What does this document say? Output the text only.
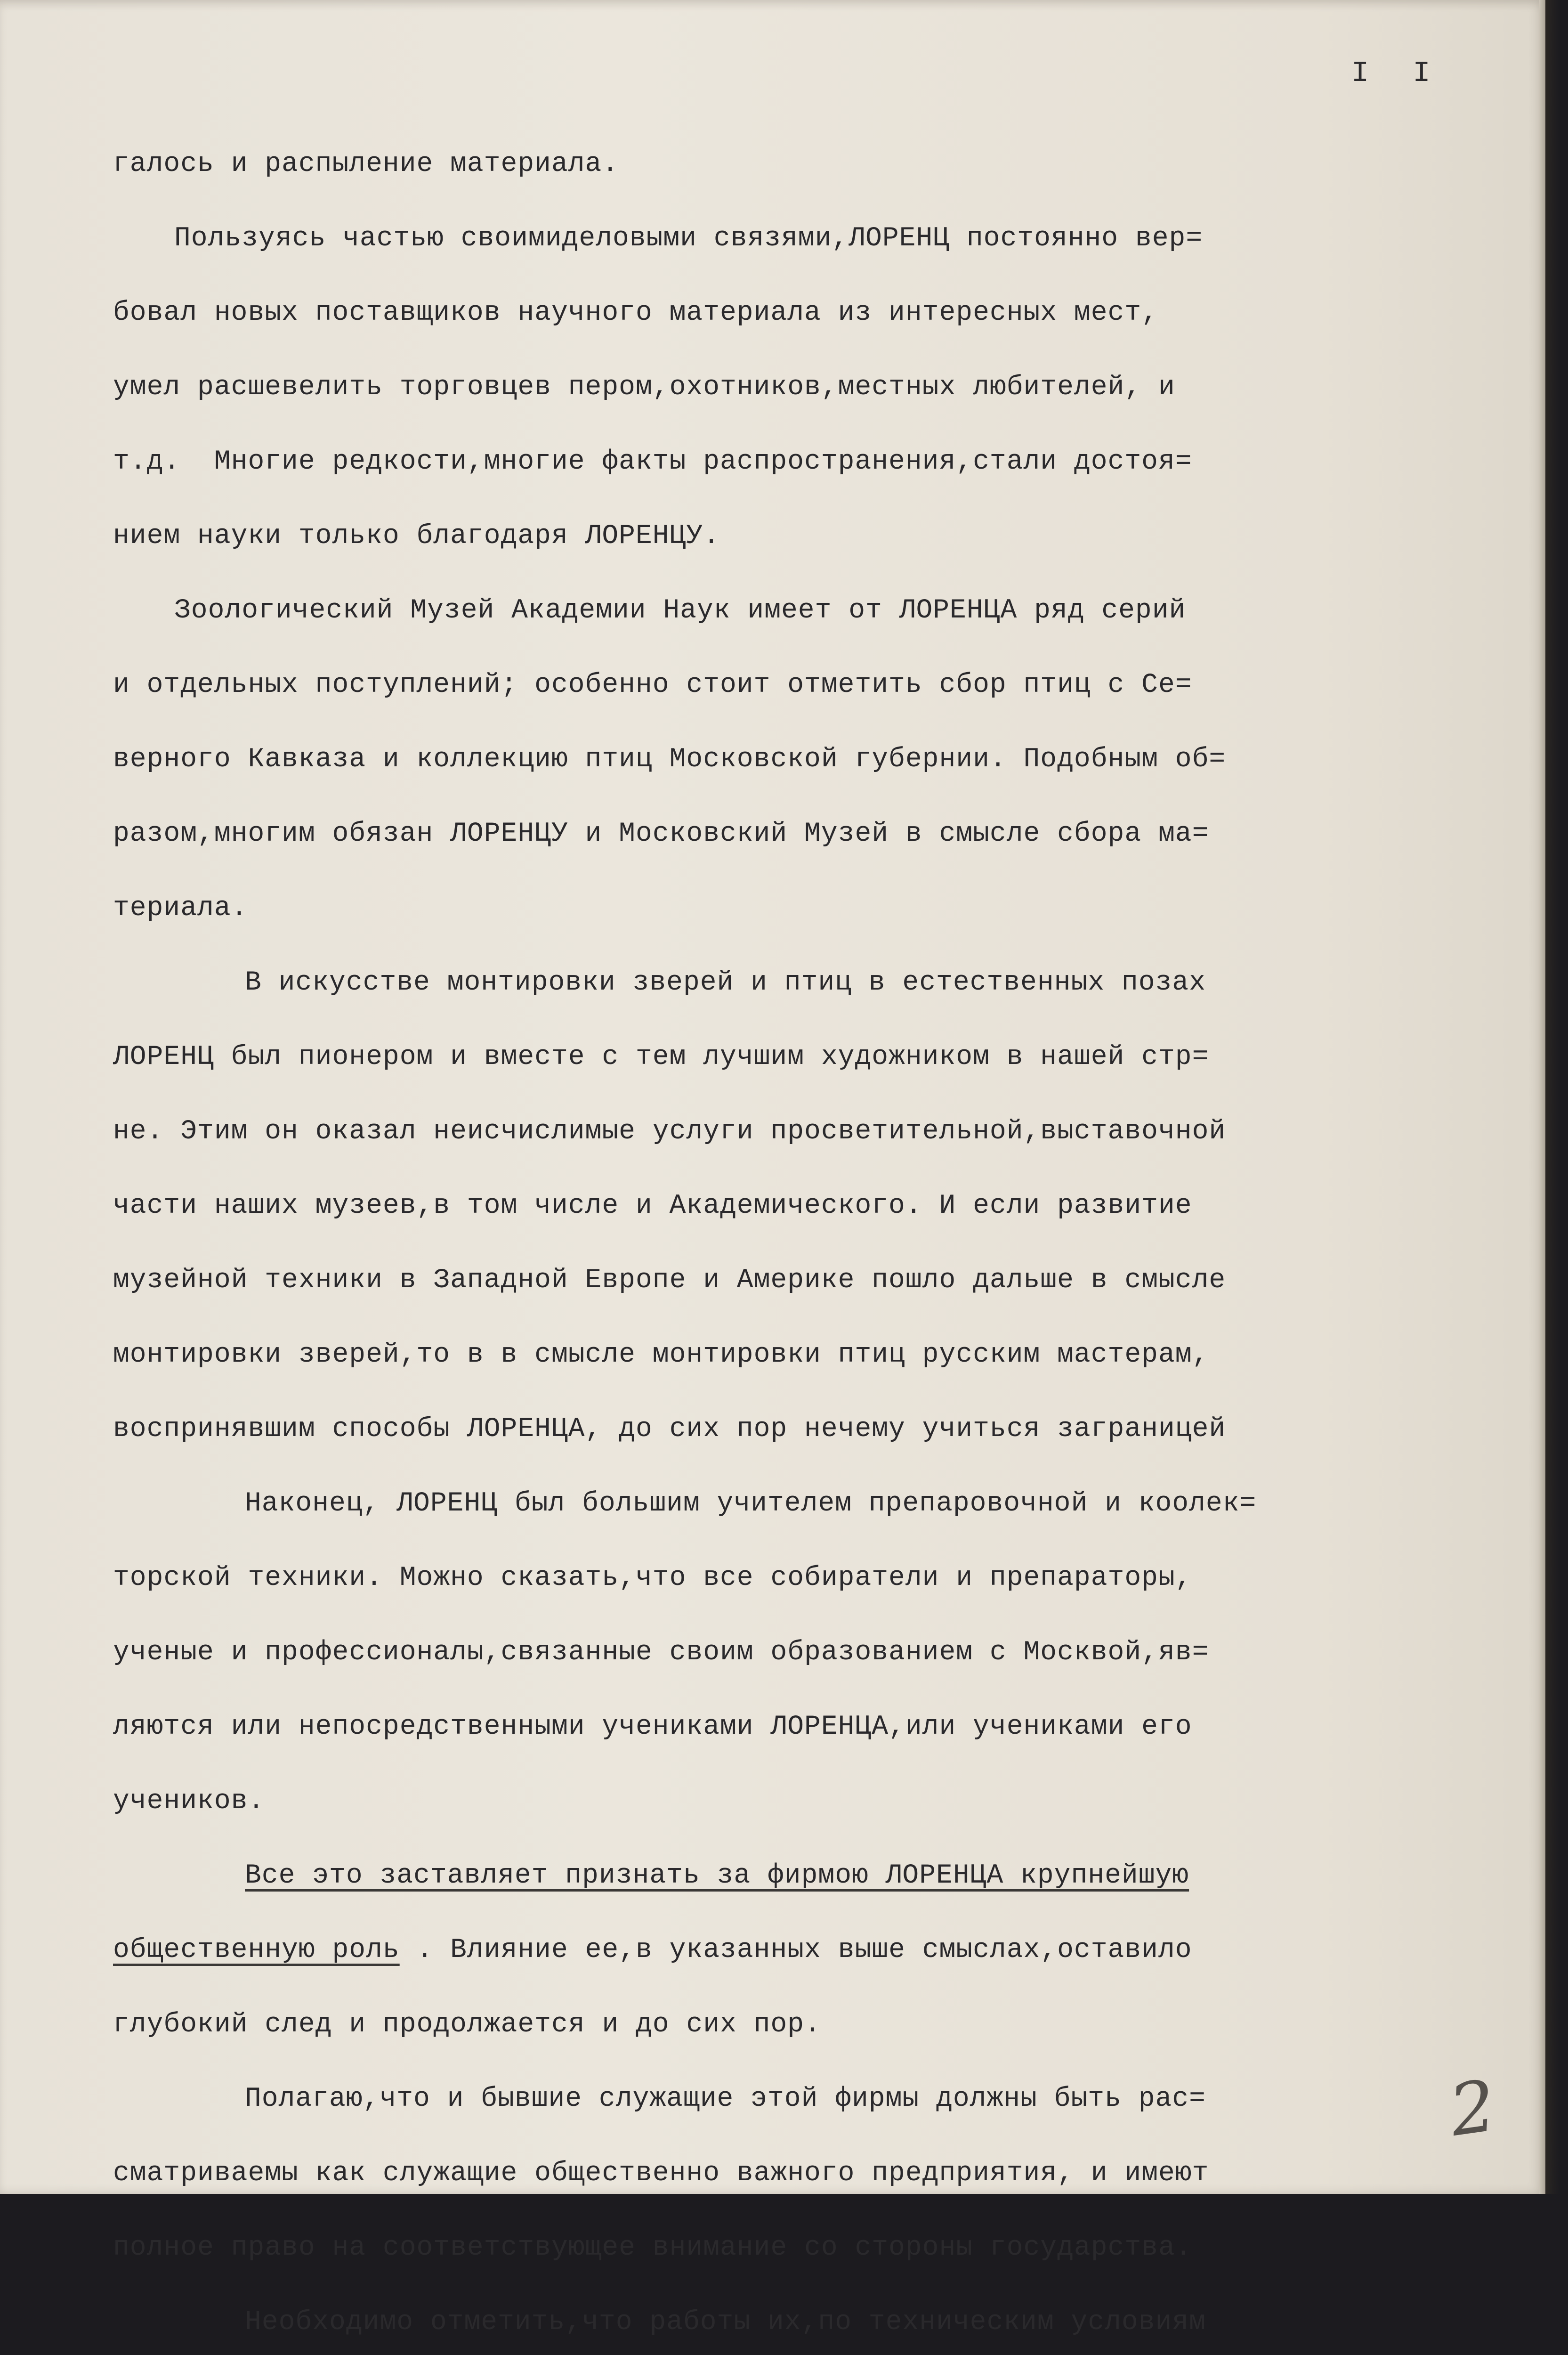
I I
галось и распыление материала.
Пользуясь частью своимиделовыми связями,ЛОРЕНЦ постоянно вер=
бовал новых поставщиков научного материала из интересных мест,
умел расшевелить торговцев пером,охотников,местных любителей, и
т.д.  Многие редкости,многие факты распространения,стали достоя=
нием науки только благодаря ЛОРЕНЦУ.
Зоологический Музей Академии Наук имеет от ЛОРЕНЦА ряд серий
и отдельных поступлений; особенно стоит отметить сбор птиц с Се=
верного Кавказа и коллекцию птиц Московской губернии. Подобным об=
разом,многим обязан ЛОРЕНЦУ и Московский Музей в смысле сбора ма=
териала.
В искусстве монтировки зверей и птиц в естественных позах
ЛОРЕНЦ был пионером и вместе с тем лучшим художником в нашей стр=
не. Этим он оказал неисчислимые услуги просветительной,выставочной
части наших музеев,в том числе и Академического. И если развитие
музейной техники в Западной Европе и Америке пошло дальше в смысле
монтировки зверей,то в в смысле монтировки птиц русским мастерам,
воспринявшим способы ЛОРЕНЦА, до сих пор нечему учиться заграницей
Наконец, ЛОРЕНЦ был большим учителем препаровочной и коолек=
торской техники. Можно сказать,что все собиратели и препараторы,
ученые и профессионалы,связанные своим образованием с Москвой,яв=
ляются или непосредственными учениками ЛОРЕНЦА,или учениками его
учеников.
Все это заставляет признать за фирмою ЛОРЕНЦА крупнейшую
общественную роль . Влияние ее,в указанных выше смыслах,оставило
глубокий след и продолжается и до сих пор.
Полагаю,что и бывшие служащие этой фирмы должны быть рас=
сматриваемы как служащие общественно важного предприятия, и имеют
полное право на соответствующее внимание со стороны государства.
Необходимо отметить,что работы их,по техническим условиям
2
